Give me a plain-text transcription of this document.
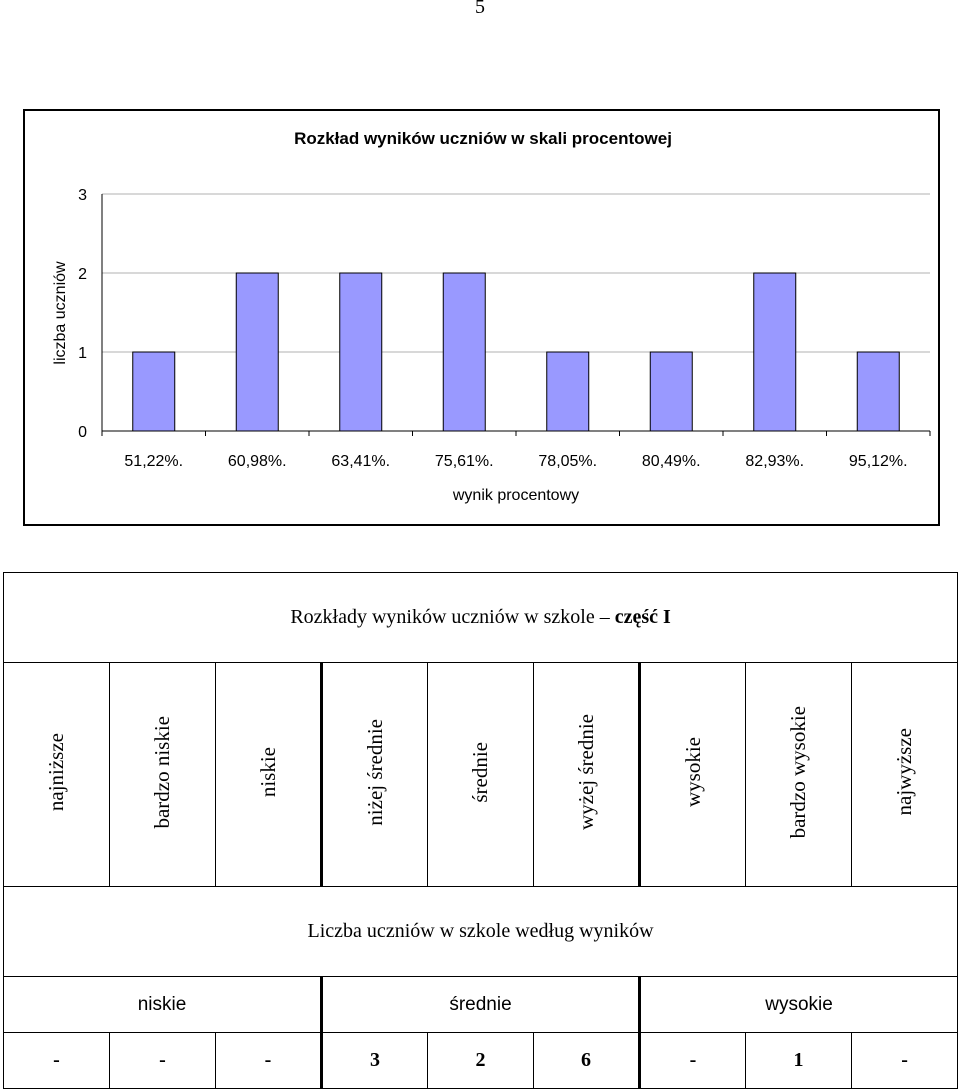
5
Rozkład wyników uczniów w skali procentowej
0
1
2
3
51,22%.	60,98%.	63,41%.	75,61%.	78,05%.	80,49%.	82,93%.	95,12%.
wynik procentowy
liczba uczniów
Rozkłady wyników uczniów w szkole – część I								
najniższe	bardzo niskie	niskie	niżej średnie	średnie	wyżej średnie	wysokie	bardzo wysokie	najwyższe
Liczba uczniów w szkole według wyników								
niskie			średnie			wysokie		
-	-	-	3	2	6	-	1	-
